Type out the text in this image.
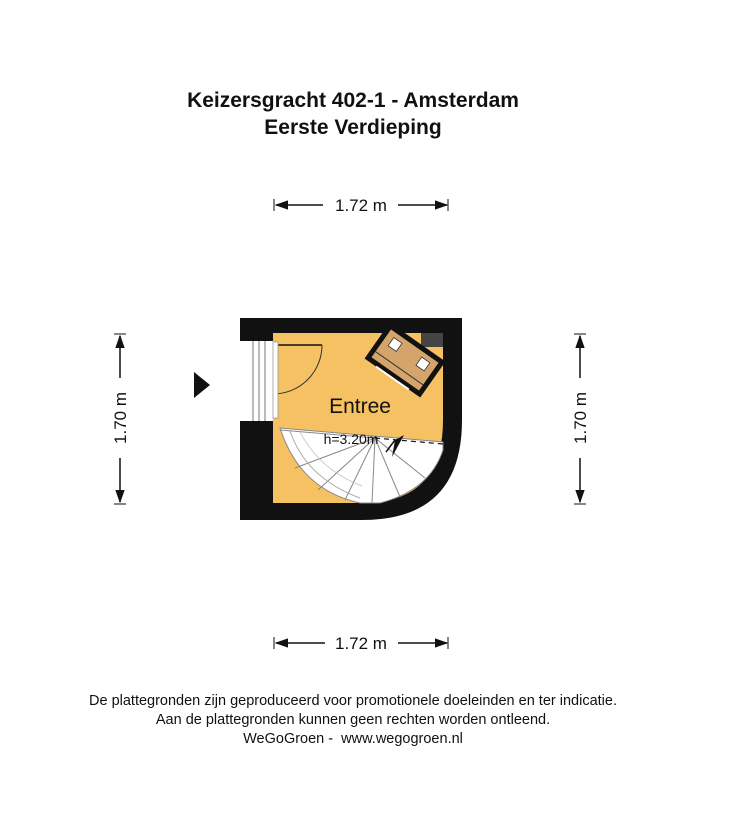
Keizersgracht 402-1 - Amsterdam
Eerste Verdieping
1.72 m
1.72 m
1.70 m	1.70 m
Entree
h=3.20m
De plattegronden zijn geproduceerd voor promotionele doeleinden en ter indicatie.
Aan de plattegronden kunnen geen rechten worden ontleend.
WeGoGroen - www.wegogroen.nl
